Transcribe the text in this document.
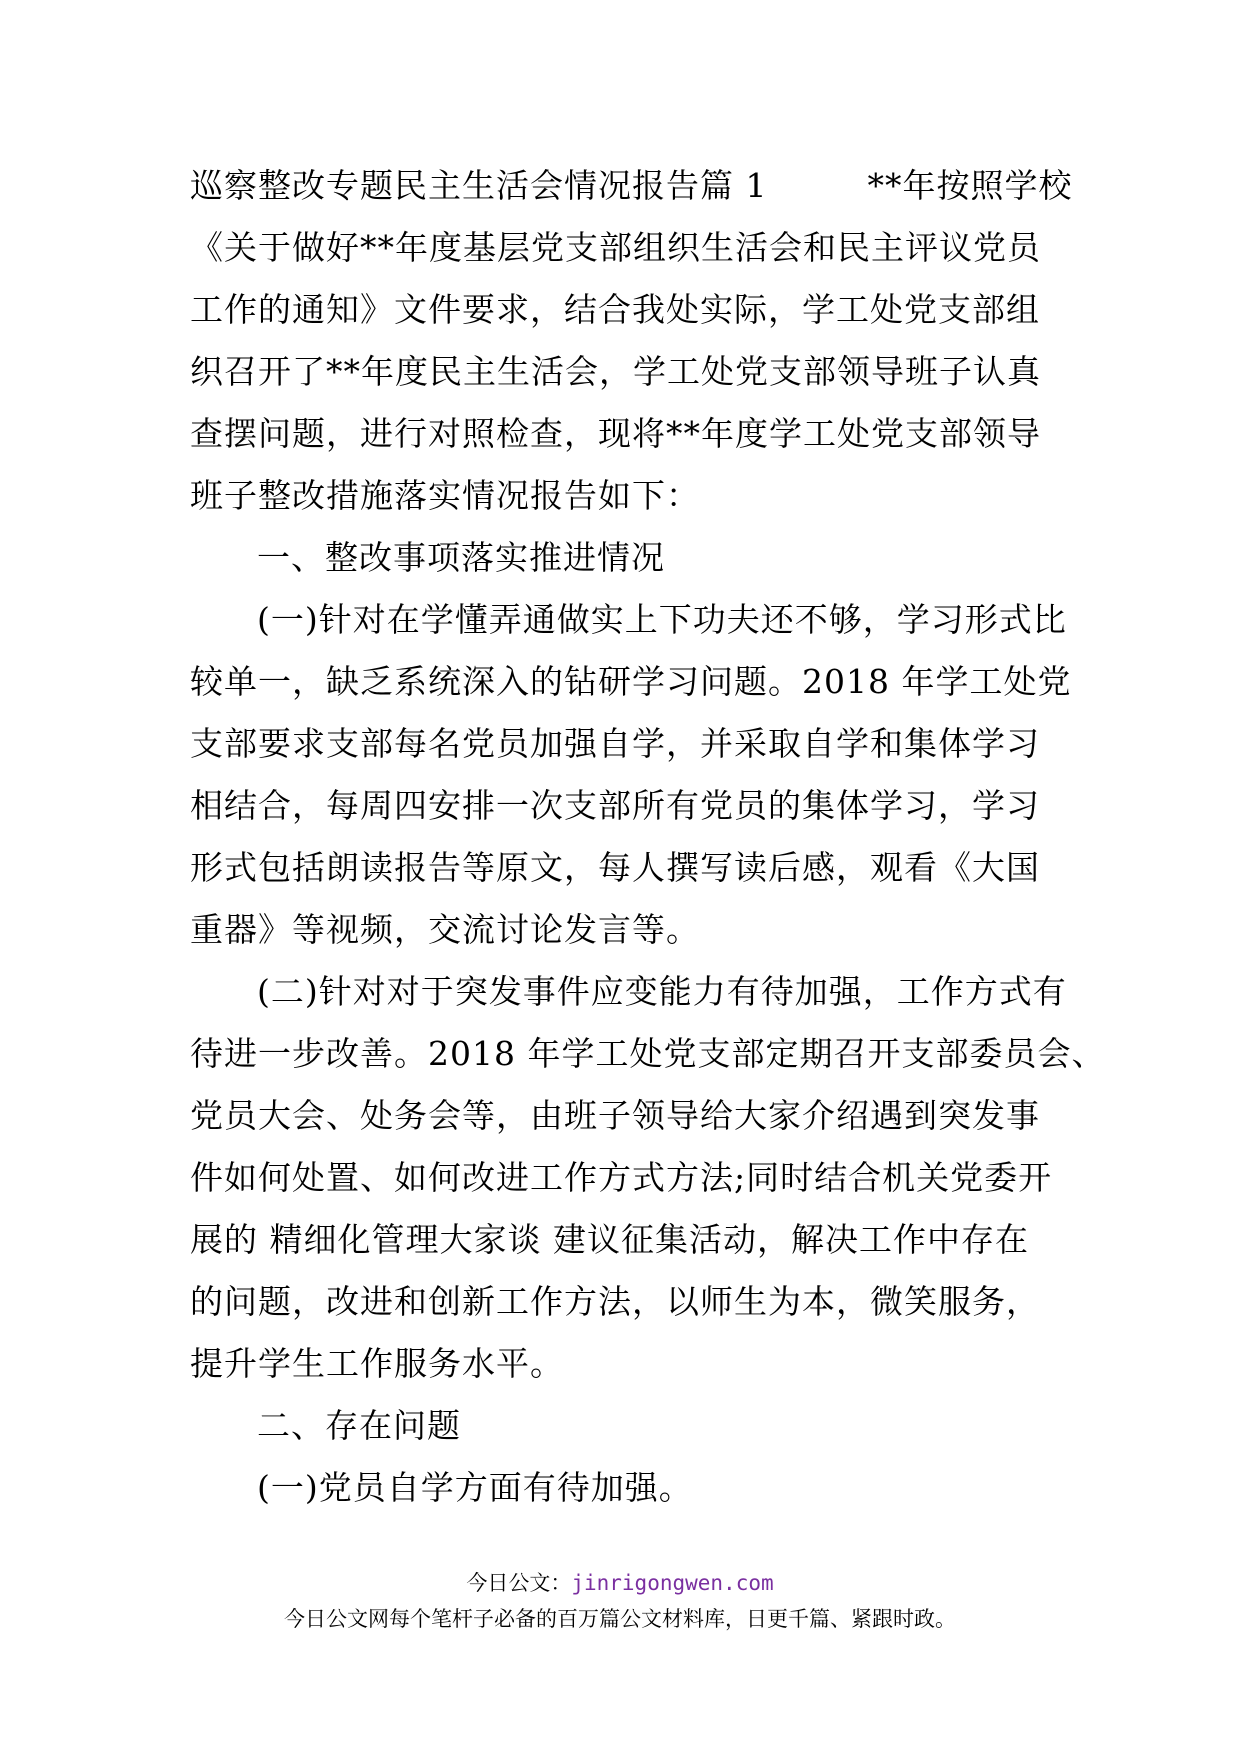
巡察整改专题民主生活会情况报告篇 1	**年按照学校
《关于做好**年度基层党支部组织生活会和民主评议党员
工作的通知》文件要求，结合我处实际，学工处党支部组
织召开了**年度民主生活会，学工处党支部领导班子认真
查摆问题，进行对照检查，现将**年度学工处党支部领导
班子整改措施落实情况报告如下：
一、整改事项落实推进情况
(一)针对在学懂弄通做实上下功夫还不够，学习形式比
较单一，缺乏系统深入的钻研学习问题。2018 年学工处党
支部要求支部每名党员加强自学，并采取自学和集体学习
相结合，每周四安排一次支部所有党员的集体学习，学习
形式包括朗读报告等原文，每人撰写读后感，观看《大国
重器》等视频，交流讨论发言等。
(二)针对对于突发事件应变能力有待加强，工作方式有
待进一步改善。2018 年学工处党支部定期召开支部委员会、
党员大会、处务会等，由班子领导给大家介绍遇到突发事
件如何处置、如何改进工作方式方法;同时结合机关党委开
展的 精细化管理大家谈 建议征集活动，解决工作中存在
的问题，改进和创新工作方法，以师生为本，微笑服务，
提升学生工作服务水平。
二、存在问题
(一)党员自学方面有待加强。
今日公文：jinrigongwen.com
今日公文网每个笔杆子必备的百万篇公文材料库，日更千篇、紧跟时政。
